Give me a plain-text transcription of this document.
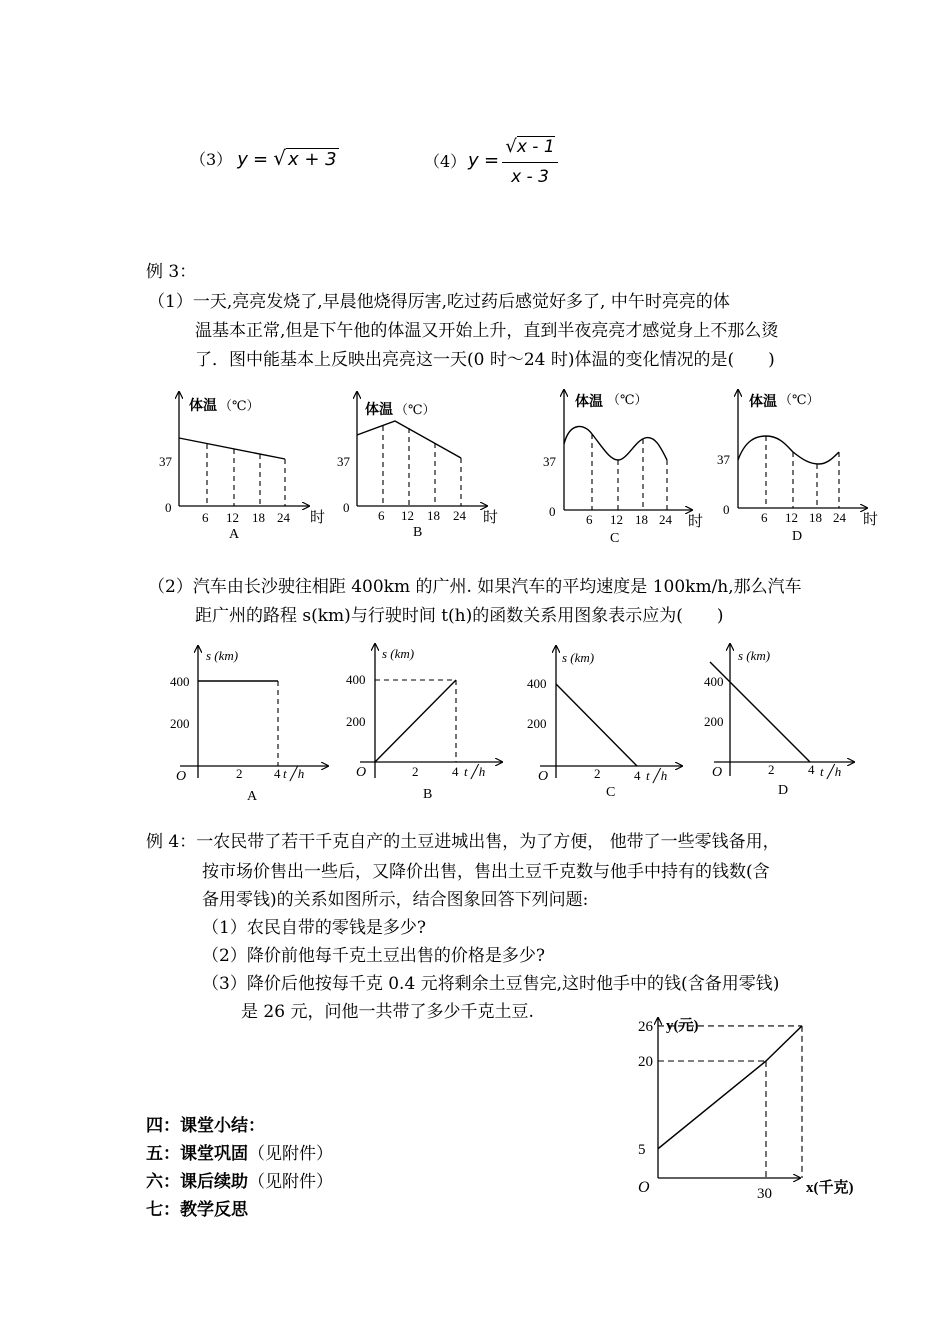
（3） y = √ x + 3	（4） $y = \frac{√x - 1}{x - 3}$
例 3：
（1）一天,亮亮发烧了,早晨他烧得厉害,吃过药后感觉好多了, 中午时亮亮的体
温基本正常,但是下午他的体温又开始上升，直到半夜亮亮才感觉身上不那么烫
了．图中能基本上反映出亮亮这一天(0 时～24 时)体温的变化情况的是(　　)
体温 （℃）
37
0
6 12 18 24
A
体温 （℃）
37
0
6 12 18 24
B
体温 （℃）
37
0
6 12 18 24
C
体温 （℃）
37
0
6 12 18 24 时
D
时	时	时
（2）汽车由长沙驶往相距 400km 的广州. 如果汽车的平均速度是 100km/h,那么汽车
距广州的路程 s(km)与行驶时间 t(h)的函数关系用图象表示应为(　　)
s (km)
400
200
O	2 4 t ╱h
A
s (km)
400
200
O	2	4 t ╱h
B
s (km)
400
200
O	2	4 t ╱h
C
s (km)
400
200
O	2	4 t ╱h
D
例 4：一农民带了若干千克自产的土豆进城出售，为了方便， 他带了一些零钱备用，
按市场价售出一些后，又降价出售，售出土豆千克数与他手中持有的钱数(含
备用零钱)的关系如图所示，结合图象回答下列问题:
（1）农民自带的零钱是多少?
（2）降价前他每千克土豆出售的价格是多少?
（3）降价后他按每千克 0.4 元将剩余土豆售完,这时他手中的钱(含备用零钱)
是 26 元，问他一共带了多少千克土豆.
y(元)
x(千克)
O
26
20
5
30
四：课堂小结：
五：课堂巩固（见附件）
六：课后续助（见附件）
七：教学反思
